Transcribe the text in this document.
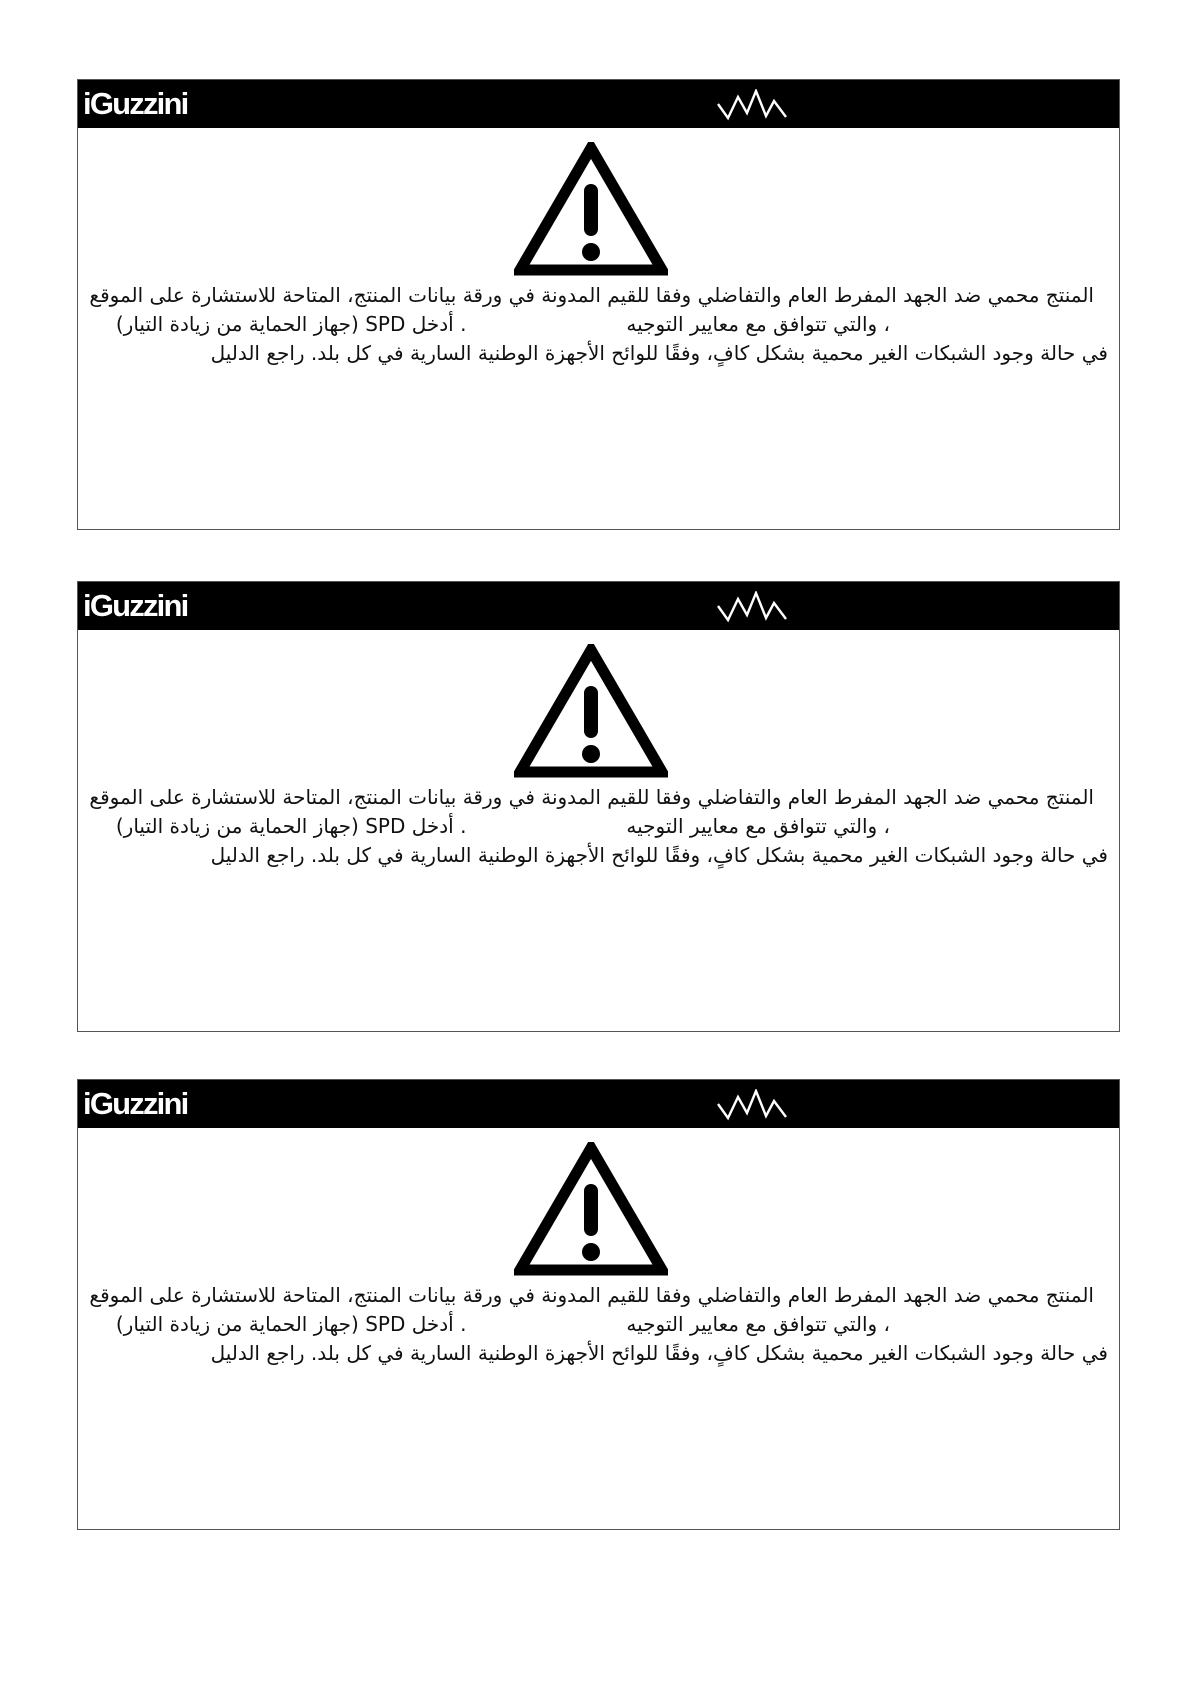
iGuzzini
المنتج محمي ضد الجهد المفرط العام والتفاضلي وفقا للقيم المدونة في ورقة بيانات المنتج، المتاحة للاستشارة على الموقع
، والتي تتوافق مع معايير التوجيه. أدخل SPD (جهاز الحماية من زيادة التيار)
في حالة وجود الشبكات الغير محمية بشكل كافٍ، وفقًا للوائح الأجهزة الوطنية السارية في كل بلد. راجع الدليل
iGuzzini
المنتج محمي ضد الجهد المفرط العام والتفاضلي وفقا للقيم المدونة في ورقة بيانات المنتج، المتاحة للاستشارة على الموقع
، والتي تتوافق مع معايير التوجيه. أدخل SPD (جهاز الحماية من زيادة التيار)
في حالة وجود الشبكات الغير محمية بشكل كافٍ، وفقًا للوائح الأجهزة الوطنية السارية في كل بلد. راجع الدليل
iGuzzini
المنتج محمي ضد الجهد المفرط العام والتفاضلي وفقا للقيم المدونة في ورقة بيانات المنتج، المتاحة للاستشارة على الموقع
، والتي تتوافق مع معايير التوجيه. أدخل SPD (جهاز الحماية من زيادة التيار)
في حالة وجود الشبكات الغير محمية بشكل كافٍ، وفقًا للوائح الأجهزة الوطنية السارية في كل بلد. راجع الدليل
